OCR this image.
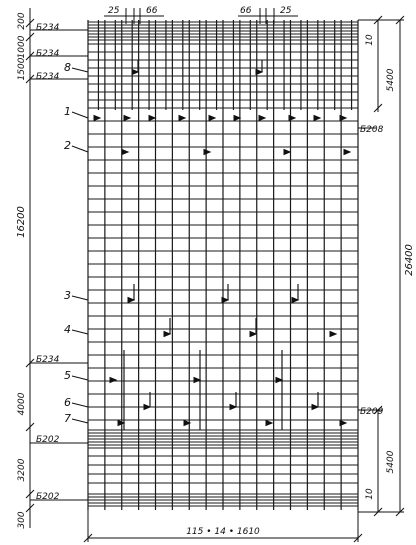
200
1000
1500
16200
4000
3200
300
Б234
Б234
Б234
Б234
Б202
Б202
8
1
2
3
4
5
6
7
25	66	66	25
10
5400
26400
5400
10
Б208
Б209
115 • 14 • 1610
